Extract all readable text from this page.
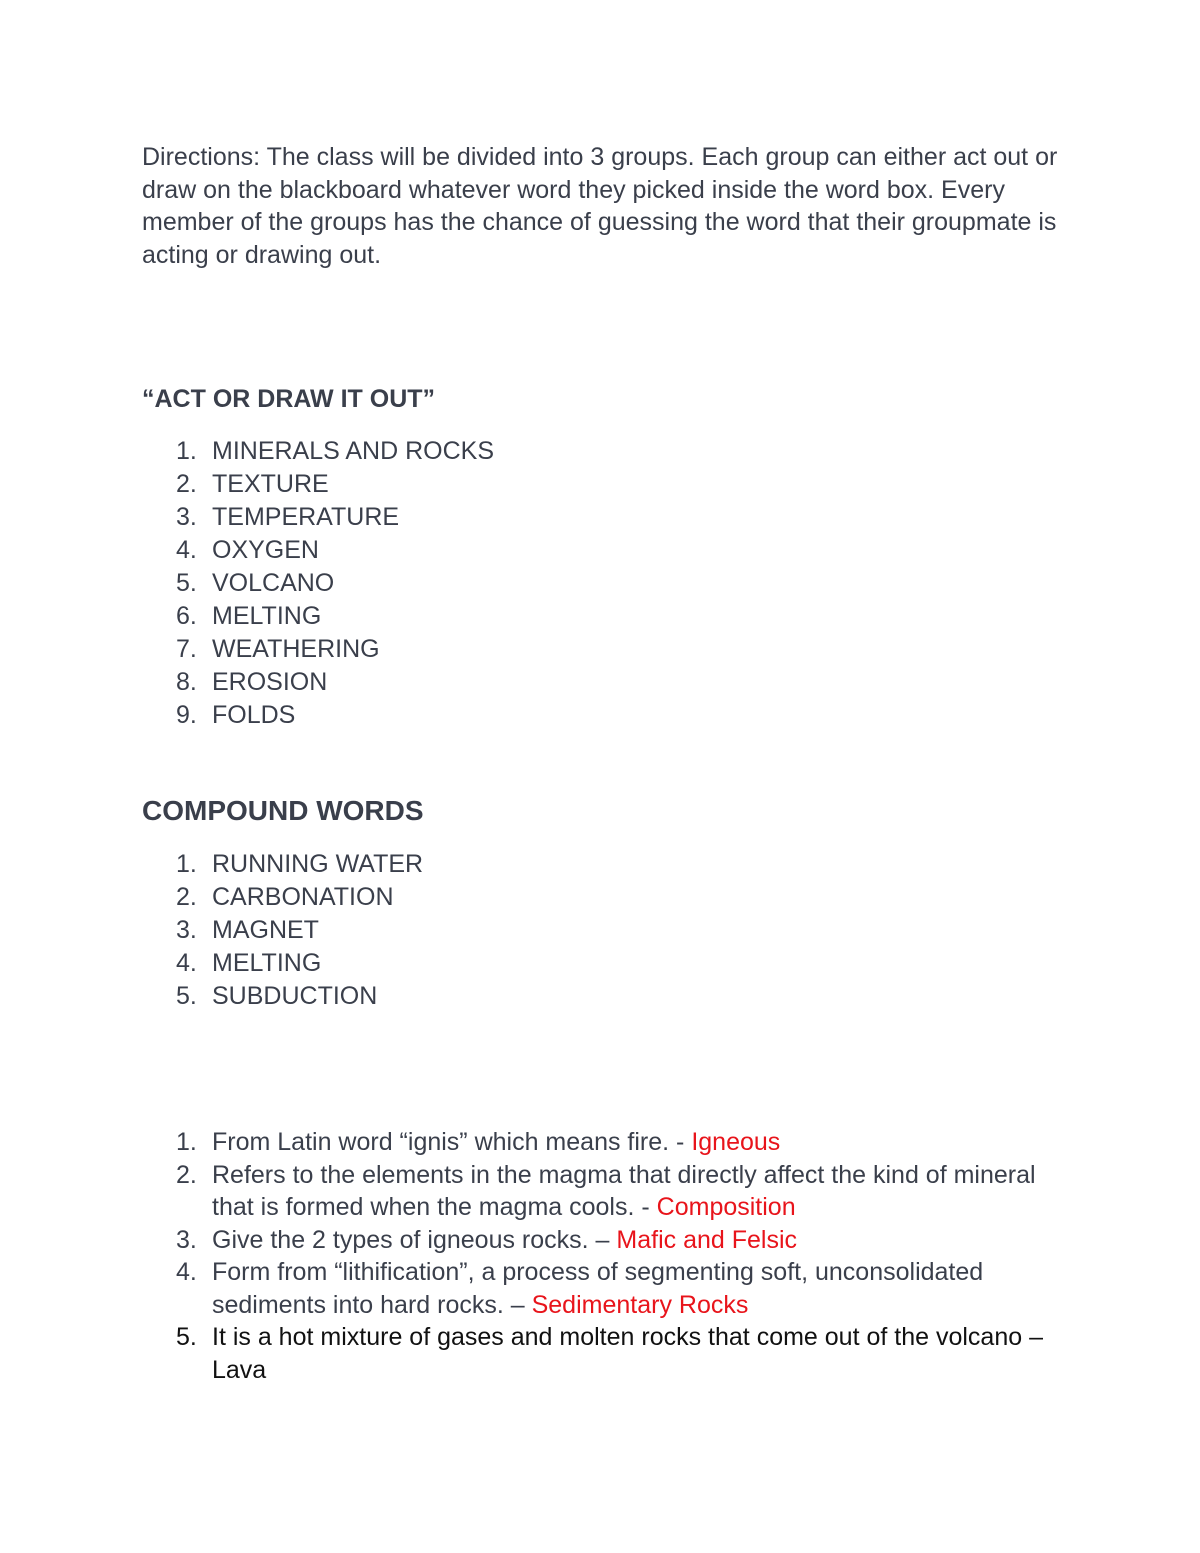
Directions: The class will be divided into 3 groups. Each group can either act out or draw on the blackboard whatever word they picked inside the word box. Every member of the groups has the chance of guessing the word that their groupmate is acting or drawing out.

“ACT OR DRAW IT OUT”
1. MINERALS AND ROCKS
2. TEXTURE
3. TEMPERATURE
4. OXYGEN
5. VOLCANO
6. MELTING
7. WEATHERING
8. EROSION
9. FOLDS
COMPOUND WORDS
1. RUNNING WATER
2. CARBONATION
3. MAGNET
4. MELTING
5. SUBDUCTION
1. From Latin word “ignis” which means fire. - Igneous
2. Refers to the elements in the magma that directly affect the kind of mineral that is formed when the magma cools. - Composition
3. Give the 2 types of igneous rocks. – Mafic and Felsic
4. Form from “lithification”, a process of segmenting soft, unconsolidated sediments into hard rocks. – Sedimentary Rocks
5. It is a hot mixture of gases and molten rocks that come out of the volcano – Lava
